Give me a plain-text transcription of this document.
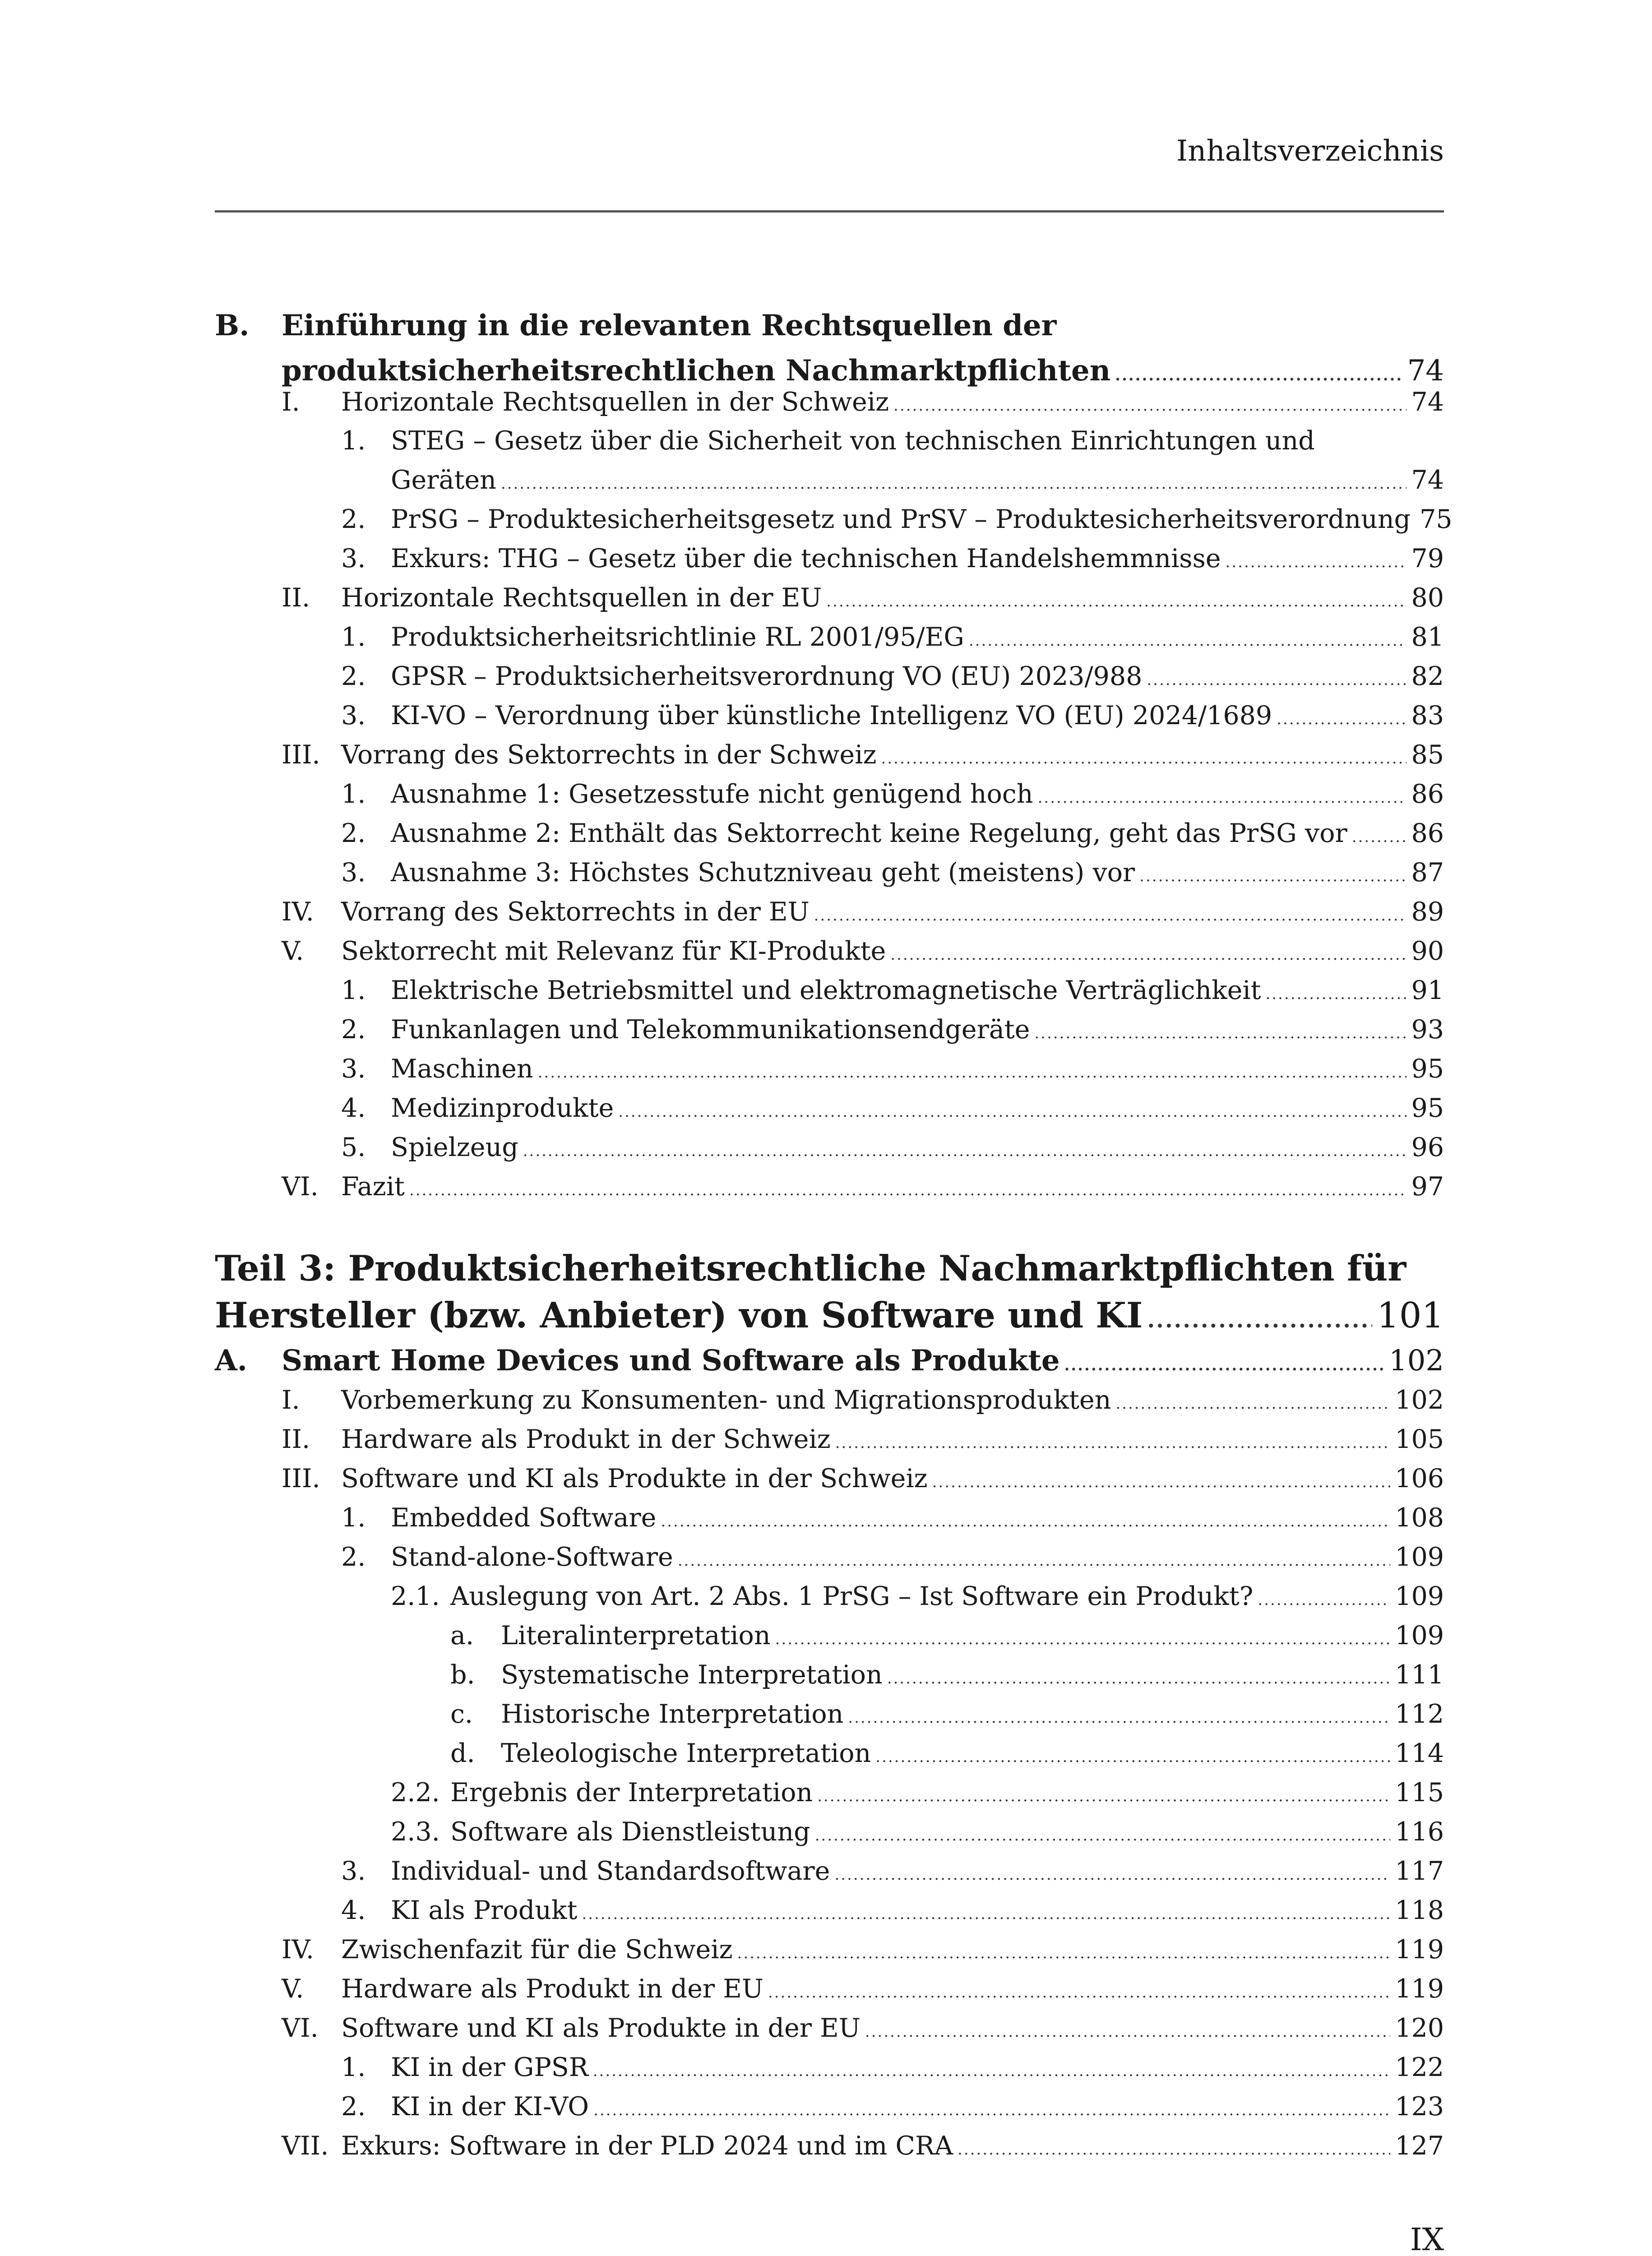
Inhaltsverzeichnis
B. Einführung in die relevanten Rechtsquellen der
produktsicherheitsrechtlichen Nachmarktpflichten .....	74
I. Horizontale Rechtsquellen in der Schweiz .....	74
1. STEG – Gesetz über die Sicherheit von technischen Einrichtungen und
Geräten .....	74
2. PrSG – Produktesicherheitsgesetz und PrSV – Produktesicherheitsverordnung 75
3. Exkurs: THG – Gesetz über die technischen Handelshemmnisse .....	79
II. Horizontale Rechtsquellen in der EU .....	80
1. Produktsicherheitsrichtlinie RL 2001/95/EG .....	81
2. GPSR – Produktsicherheitsverordnung VO (EU) 2023/988 .....	82
3. KI-VO – Verordnung über künstliche Intelligenz VO (EU) 2024/1689 .....	83
III. Vorrang des Sektorrechts in der Schweiz .....	85
1. Ausnahme 1: Gesetzesstufe nicht genügend hoch .....	86
2. Ausnahme 2: Enthält das Sektorrecht keine Regelung, geht das PrSG vor ..... 86
3. Ausnahme 3: Höchstes Schutzniveau geht (meistens) vor .....	87
IV. Vorrang des Sektorrechts in der EU .....	89
V. Sektorrecht mit Relevanz für KI-Produkte .....	90
1. Elektrische Betriebsmittel und elektromagnetische Verträglichkeit .....	91
2. Funkanlagen und Telekommunikationsendgeräte .....	93
3. Maschinen .....	95
4. Medizinprodukte .....	95
5. Spielzeug .....	96
VI. Fazit .....	97
Teil 3: Produktsicherheitsrechtliche Nachmarktpflichten für
Hersteller (bzw. Anbieter) von Software und KI .....	101
A. Smart Home Devices und Software als Produkte .....	102
I. Vorbemerkung zu Konsumenten- und Migrationsprodukten .....	102
II. Hardware als Produkt in der Schweiz .....	105
III. Software und KI als Produkte in der Schweiz .....	106
1. Embedded Software .....	108
2. Stand-alone-Software .....	109
2.1. Auslegung von Art. 2 Abs. 1 PrSG – Ist Software ein Produkt? .....	109
a. Literalinterpretation .....	109
b. Systematische Interpretation .....	111
c. Historische Interpretation .....	112
d. Teleologische Interpretation .....	114
2.2. Ergebnis der Interpretation .....	115
2.3. Software als Dienstleistung .....	116
3. Individual- und Standardsoftware .....	117
4. KI als Produkt .....	118
IV. Zwischenfazit für die Schweiz .....	119
V. Hardware als Produkt in der EU .....	119
VI. Software und KI als Produkte in der EU .....	120
1. KI in der GPSR .....	122
2. KI in der KI-VO .....	123
VII. Exkurs: Software in der PLD 2024 und im CRA .....	127
IX
